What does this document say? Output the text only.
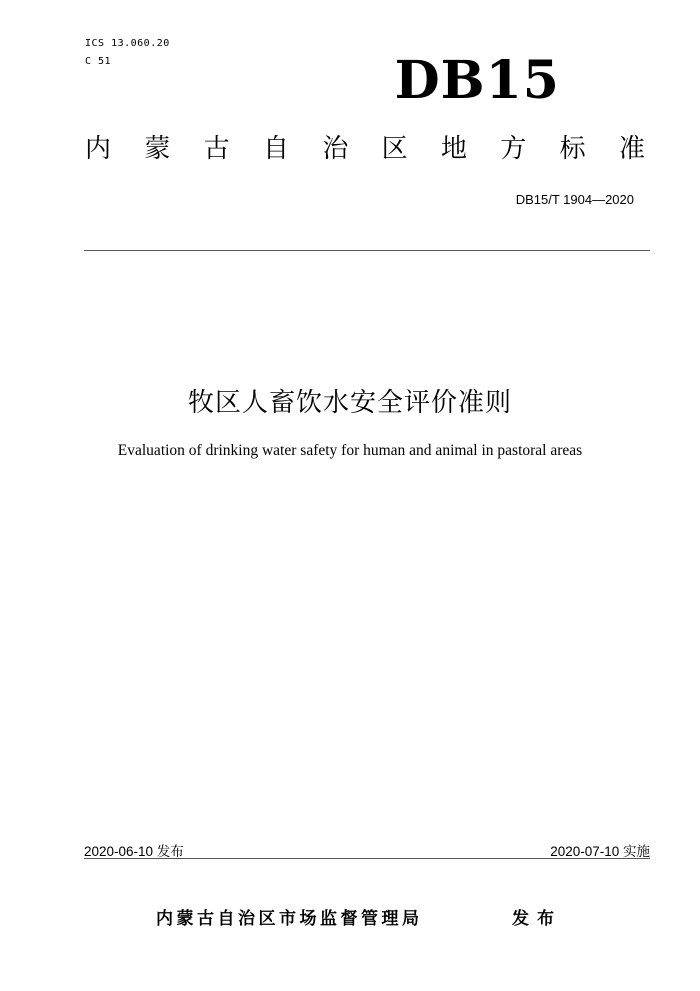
ICS 13.060.20
C 51	DB15
内 蒙 古 自 治 区 地 方 标 准
DB15/T 1904—2020
牧区人畜饮水安全评价准则
Evaluation of drinking water safety for human and animal in pastoral areas
2020-06-10 发布	2020-07-10 实施
内蒙古自治区市场监督管理局	发布
